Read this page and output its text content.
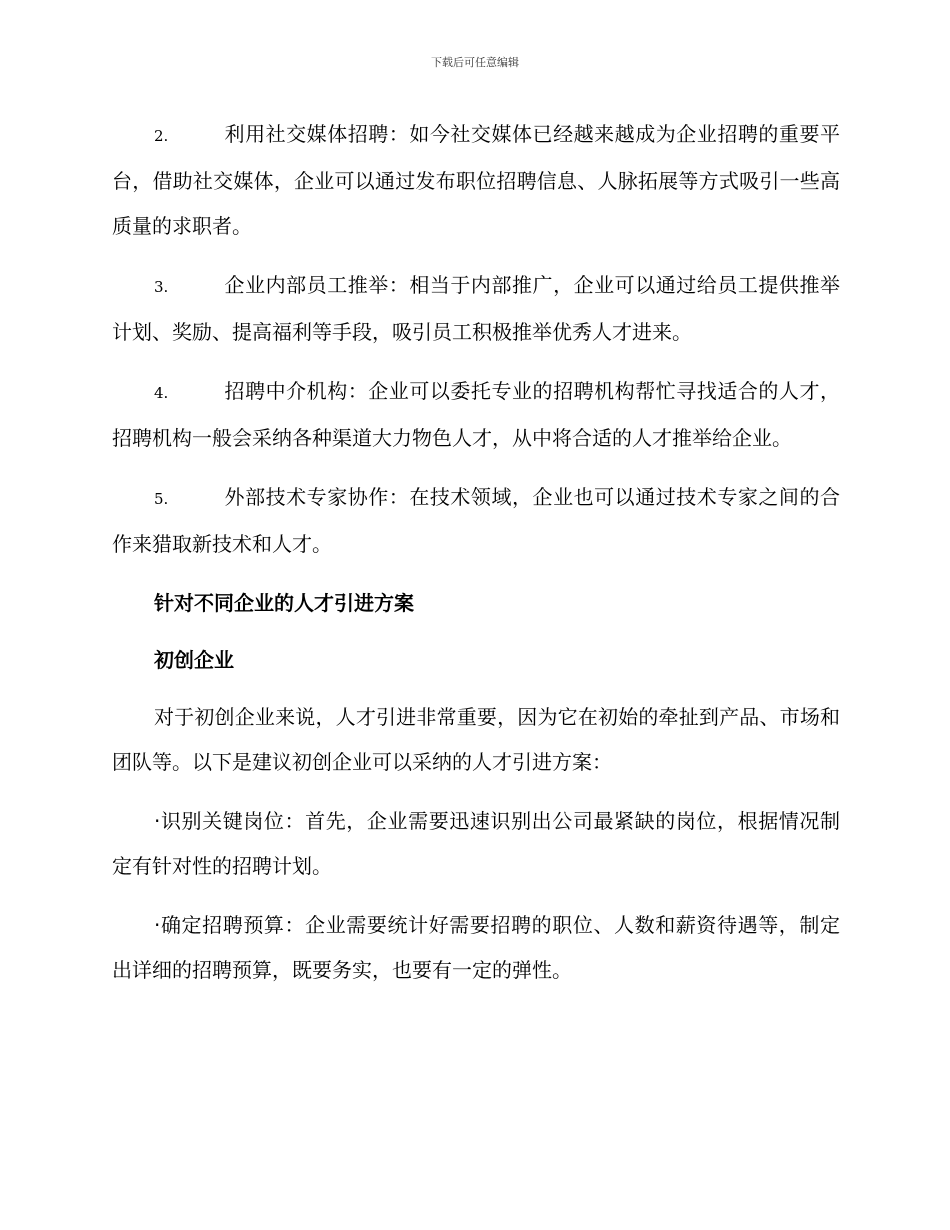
下载后可任意编辑

2.	利用社交媒体招聘：如今社交媒体已经越来越成为企业招聘的重要平台，借助社交媒体，企业可以通过发布职位招聘信息、人脉拓展等方式吸引一些高质量的求职者。

3.	企业内部员工推举：相当于内部推广，企业可以通过给员工提供推举计划、奖励、提高福利等手段，吸引员工积极推举优秀人才进来。

4.	招聘中介机构：企业可以委托专业的招聘机构帮忙寻找适合的人才，招聘机构一般会采纳各种渠道大力物色人才，从中将合适的人才推举给企业。

5.	外部技术专家协作：在技术领域，企业也可以通过技术专家之间的合作来猎取新技术和人才。

针对不同企业的人才引进方案

初创企业

对于初创企业来说，人才引进非常重要，因为它在初始的牵扯到产品、市场和团队等。以下是建议初创企业可以采纳的人才引进方案：

·识别关键岗位：首先，企业需要迅速识别出公司最紧缺的岗位，根据情况制定有针对性的招聘计划。

·确定招聘预算：企业需要统计好需要招聘的职位、人数和薪资待遇等，制定出详细的招聘预算，既要务实，也要有一定的弹性。
